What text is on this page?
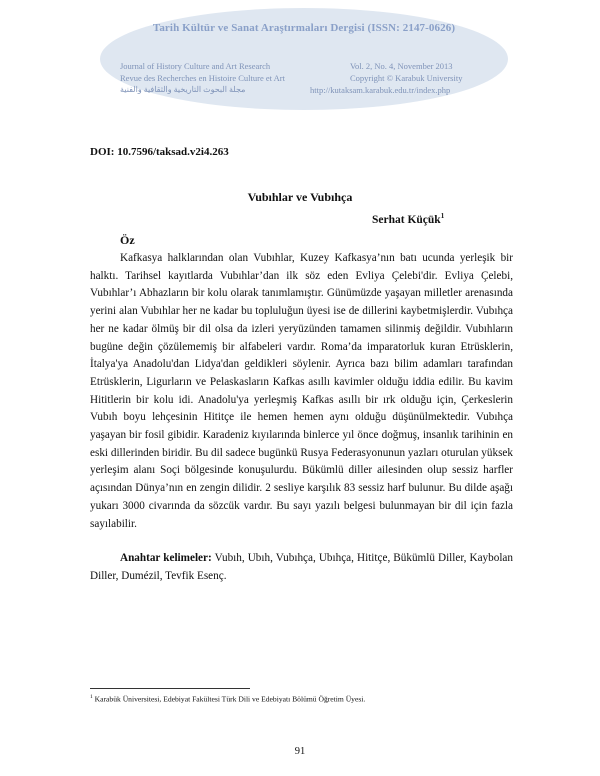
Tarih Kültür ve Sanat Araştırmaları Dergisi (ISSN: 2147-0626)
Journal of History Culture and Art Research
Revue des Recherches en Histoire Culture et Art
مجلة البحوث التاريخية والثقافية والفنية
Vol. 2, No. 4, November 2013
Copyright © Karabuk University
http://kutaksam.karabuk.edu.tr/index.php
DOI: 10.7596/taksad.v2i4.263
Vubıhlar ve Vubıhça
Serhat Küçük$^1$
Öz

Kafkasya halklarından olan Vubıhlar, Kuzey Kafkasya’nın batı ucunda yerleşik bir halktı. Tarihsel kayıtlarda Vubıhlar’dan ilk söz eden Evliya Çelebi'dir. Evliya Çelebi, Vubıhlar’ı Abhazların bir kolu olarak tanımlamıştır. Günümüzde yaşayan milletler arenasında yerini alan Vubıhlar her ne kadar bu topluluğun üyesi ise de dillerini kaybetmişlerdir. Vubıhça her ne kadar ölmüş bir dil olsa da izleri yeryüzünden tamamen silinmiş değildir. Vubıhların bugüne değin çözülememiş bir alfabeleri vardır. Roma’da imparatorluk kuran Etrüsklerin, İtalya'ya Anadolu'dan Lidya'dan geldikleri söylenir. Ayrıca bazı bilim adamları tarafından Etrüsklerin, Ligurların ve Pelaskasların Kafkas asıllı kavimler olduğu iddia edilir. Bu kavim Hititlerin bir kolu idi. Anadolu'ya yerleşmiş Kafkas asıllı bir ırk olduğu için, Çerkeslerin Vubıh boyu lehçesinin Hititçe ile hemen hemen aynı olduğu düşünülmektedir. Vubıhça yaşayan bir fosil gibidir. Karadeniz kıyılarında binlerce yıl önce doğmuş, insanlık tarihinin en eski dillerinden biridir. Bu dil sadece bugünkü Rusya Federasyonunun yazları oturulan yüksek yerleşim alanı Soçi bölgesinde konuşulurdu. Bükümlü diller ailesinden olup sessiz harfler açısından Dünya’nın en zengin dilidir. 2 sesliye karşılık 83 sessiz harf bulunur. Bu dilde aşağı yukarı 3000 civarında da sözcük vardır. Bu sayı yazılı belgesi bulunmayan bir dil için fazla sayılabilir.

Anahtar kelimeler: Vubıh, Ubıh, Vubıhça, Ubıhça, Hititçe, Bükümlü Diller, Kaybolan Diller, Dumézil, Tevfik Esenç.

$^1$ Karabük Üniversitesi, Edebiyat Fakültesi Türk Dili ve Edebiyatı Bölümü Öğretim Üyesi.
91
